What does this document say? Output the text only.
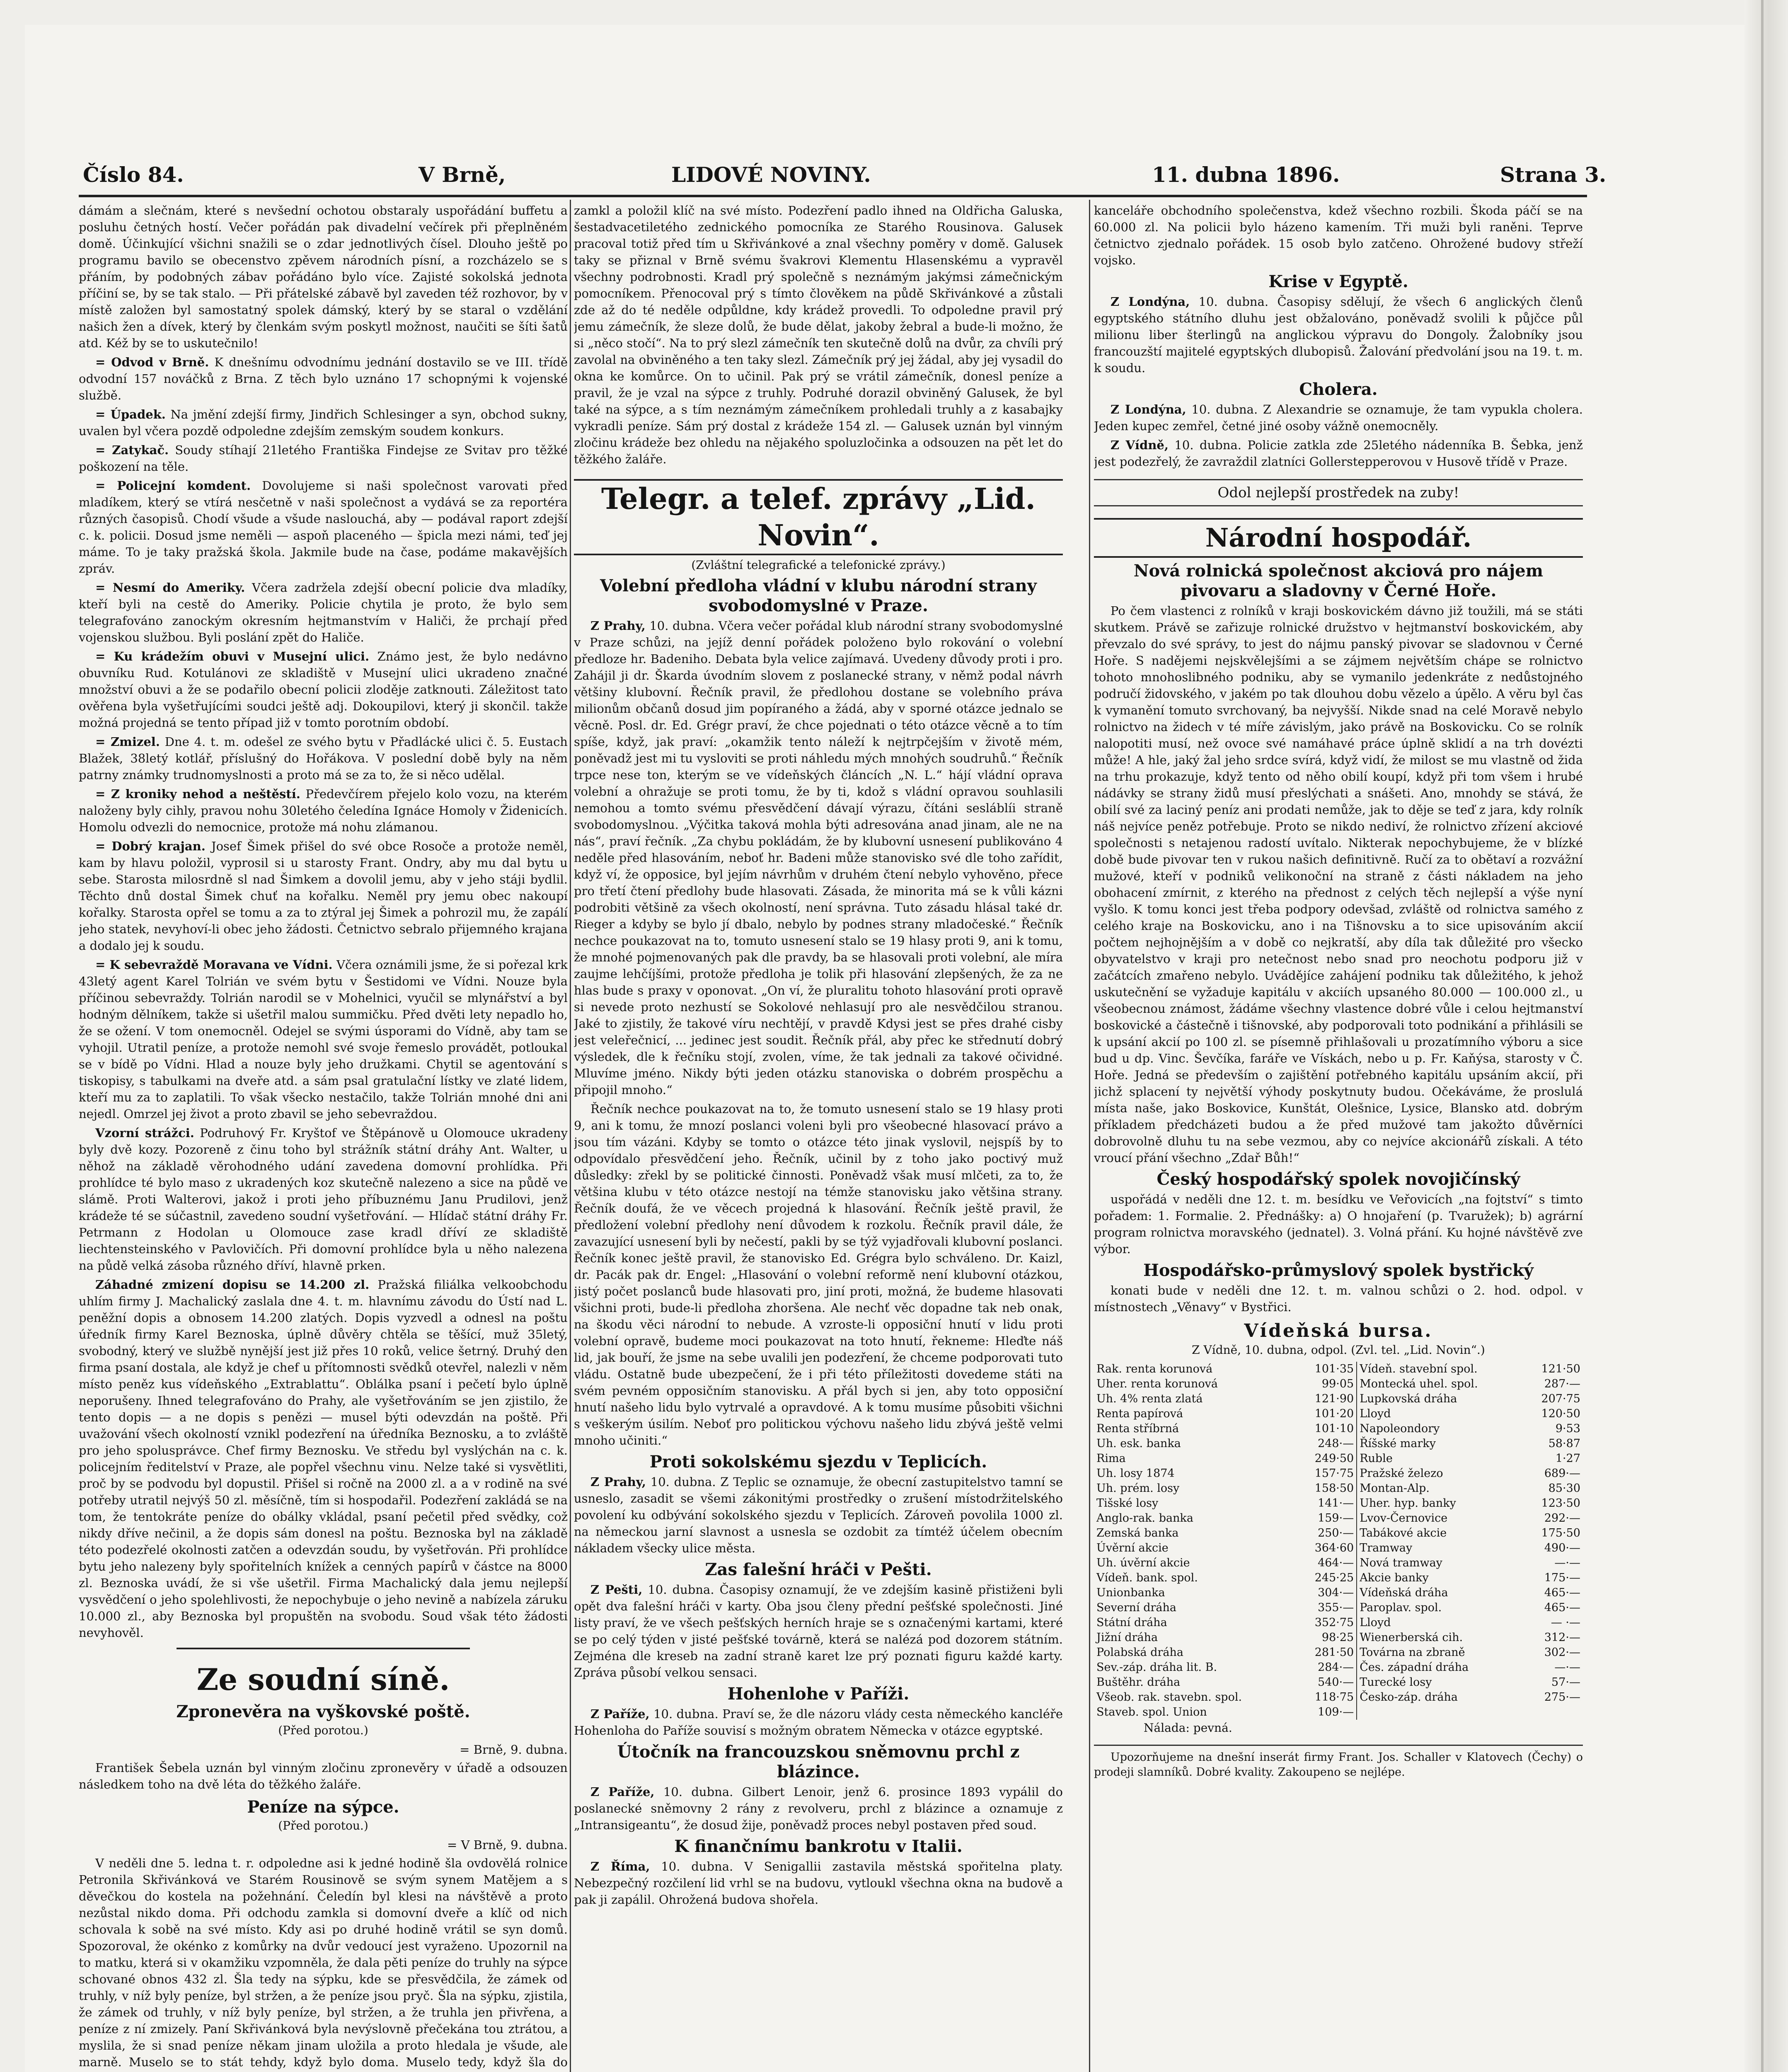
Číslo 84.	V Brně,	LIDOVÉ NOVINY.	11. dubna 1896.	Strana 3.

dámám a slečnám, které s nevšední ochotou obstaraly uspořádání buffetu a posluhu četných hostí. Večer pořádán pak divadelní večírek při přeplněném domě. Účinkující všichni snažili se o zdar jednotlivých čísel. Dlouho ještě po programu bavilo se obecenstvo zpěvem národních písní, a rozcházelo se s přáním, by podobných zábav pořádáno bylo více. Zajisté sokolská jednota příčiní se, by se tak stalo. — Při přátelské zábavě byl zaveden též rozhovor, by v místě založen byl samostatný spolek dámský, který by se staral o vzdělání našich žen a dívek, který by členkám svým poskytl možnost, naučiti se šíti šatů atd. Kéž by se to uskutečnilo!

= Odvod v Brně. K dnešnímu odvodnímu jednání dostavilo se ve III. třídě odvodní 157 nováčků z Brna. Z těch bylo uznáno 17 schopnými k vojenské službě.

= Úpadek. Na jmění zdejší firmy, Jindřich Schlesinger a syn, obchod sukny, uvalen byl včera pozdě odpoledne zdejším zemským soudem konkurs.

= Zatykač. Soudy stíhají 21letého Františka Findejse ze Svitav pro těžké poškození na těle.

= Policejní komdent. Dovolujeme si naši společnost varovati před mladíkem, který se vtírá nesčetně v naši společnost a vydává se za reportéra různých časopisů. Chodí všude a všude naslouchá, aby — podával raport zdejší c. k. policii. Dosud jsme neměli — aspoň placeného — špicla mezi námi, teď jej máme. To je taky pražská škola. Jakmile bude na čase, podáme makavějších zpráv.

= Nesmí do Ameriky. Včera zadržela zdejší obecní policie dva mladíky, kteří byli na cestě do Ameriky. Policie chytila je proto, že bylo sem telegrafováno zanockým okresním hejtmanstvím v Haliči, že prchají před vojenskou službou. Byli poslání zpět do Haliče.

= Ku krádežím obuvi v Musejní ulici. Známo jest, že bylo nedávno obuvníku Rud. Kotulánovi ze skladiště v Musejní ulici ukradeno značné množství obuvi a že se podařilo obecní policii zloděje zatknouti. Záležitost tato ověřena byla vyšetřujícími soudci ještě adj. Dokoupilovi, který ji skončil. takže možná projedná se tento případ již v tomto porotním období.

= Zmizel. Dne 4. t. m. odešel ze svého bytu v Přadlácké ulici č. 5. Eustach Blažek, 38letý kotlář, příslušný do Hořákova. V poslední době byly na něm patrny známky trudnomyslnosti a proto má se za to, že si něco udělal.

= Z kroniky nehod a neštěstí. Předevčírem přejelo kolo vozu, na kterém naloženy byly cihly, pravou nohu 30letého čeledína Ignáce Homoly v Židenicích. Homolu odvezli do nemocnice, protože má nohu zlámanou.

= Dobrý krajan. Josef Šimek přišel do své obce Rosoče a protože neměl, kam by hlavu položil, vyprosil si u starosty Frant. Ondry, aby mu dal bytu u sebe. Starosta milosrdně sl nad Šimkem a dovolil jemu, aby v jeho stáji bydlil. Těchto dnů dostal Šimek chuť na kořalku. Neměl pry jemu obec nakoupí kořalky. Starosta opřel se tomu a za to ztýral jej Šimek a pohrozil mu, že zapálí jeho statek, nevyhoví-li obec jeho žádosti. Četnictvo sebralo přijemného krajana a dodalo jej k soudu.

= K sebevraždě Moravana ve Vídni. Včera oznámili jsme, že si pořezal krk 43letý agent Karel Tolrián ve svém bytu v Šestidomi ve Vídni. Nouze byla příčinou sebevraždy. Tolrián narodil se v Mohelnici, vyučil se mlynářství a byl hodným dělníkem, takže si ušetřil malou summičku. Před dvěti lety nepadlo ho, že se ožení. V tom onemocněl. Odejel se svými úsporami do Vídně, aby tam se vyhojil. Utratil peníze, a protože nemohl své svoje řemeslo provádět, potloukal se v bídě po Vídni. Hlad a nouze byly jeho družkami. Chytil se agentování s tiskopisy, s tabulkami na dveře atd. a sám psal gratulační lístky ve zlaté lidem, kteří mu za to zaplatili. To však všecko nestačilo, takže Tolrián mnohé dni ani nejedl. Omrzel jej život a proto zbavil se jeho sebevraždou.

Vzorní strážci. Podruhový Fr. Kryštof ve Štěpánově u Olomouce ukradeny byly dvě kozy. Pozoreně z činu toho byl strážník státní dráhy Ant. Walter, u něhož na základě věrohodného udání zavedena domovní prohlídka. Při prohlídce té bylo maso z ukradených koz skutečně nalezeno a sice na půdě ve slámě. Proti Walterovi, jakož i proti jeho příbuznému Janu Prudilovi, jenž krádeže té se súčastnil, zavedeno soudní vyšetřování. — Hlídač státní dráhy Fr. Petrmann z Hodolan u Olomouce zase kradl dříví ze skladiště liechtensteinského v Pavlovičích. Při domovní prohlídce byla u něho nalezena na půdě velká zásoba různého dříví, hlavně prken.

Záhadné zmizení dopisu se 14.200 zl. Pražská filiálka velkoobchodu uhlím firmy J. Machalický zaslala dne 4. t. m. hlavnímu závodu do Ústí nad L. peněžní dopis a obnosem 14.200 zlatých. Dopis vyzvedl a odnesl na poštu úředník firmy Karel Beznoska, úplně důvěry chtěla se těšící, muž 35letý, svobodný, který ve službě nynější jest již přes 10 roků, velice šetrný. Druhý den firma psaní dostala, ale když je chef u přítomnosti svědků otevřel, nalezli v něm místo peněz kus vídeňského „Extrablattu“. Oblálka psaní i pečetí bylo úplně neporušeny. Ihned telegrafováno do Prahy, ale vyšetřováním se jen zjistilo, že tento dopis — a ne dopis s penězi — musel býti odevzdán na poště. Při uvažování všech okolností vznikl podezření na úředníka Beznosku, a to zvláště pro jeho spolusprávce. Chef firmy Beznosku. Ve středu byl vyslýchán na c. k. policejním ředitelství v Praze, ale popřel všechnu vinu. Nelze také si vysvětliti, proč by se podvodu byl dopustil. Přišel si ročně na 2000 zl. a a v rodině na své potřeby utratil nejvýš 50 zl. měsíčně, tím si hospodařil. Podezření zakládá se na tom, že tentokráte peníze do obálky vkládal, psaní pečetil před svědky, což nikdy dříve nečinil, a že dopis sám donesl na poštu. Beznoska byl na základě této podezřelé okolnosti zatčen a odevzdán soudu, by vyšetřován. Při prohlídce bytu jeho nalezeny byly spořitelních knížek a cenných papírů v částce na 8000 zl. Beznoska uvádí, že si vše ušetřil. Firma Machalický dala jemu nejlepší vysvědčení o jeho spolehlivosti, že nepochybuje o jeho nevině a nabízela záruku 10.000 zl., aby Beznoska byl propuštěn na svobodu. Soud však této žádosti nevyhověl.

Ze soudní síně.
Zpronevěra na vyškovské poště.
(Před porotou.)
= Brně, 9. dubna.

František Šebela uznán byl vinným zločinu zpronevěry v úřadě a odsouzen následkem toho na dvě léta do těžkého žaláře.

Peníze na sýpce.
(Před porotou.)
= V Brně, 9. dubna.

V neděli dne 5. ledna t. r. odpoledne asi k jedné hodině šla ovdovělá rolnice Petronila Skřivánková ve Starém Rousinově se svým synem Matějem a s děvečkou do kostela na požehnání. Čeledín byl klesi na návštěvě a proto nezůstal nikdo doma. Při odchodu zamkla si domovní dveře a klíč od nich schovala k sobě na své místo. Kdy asi po druhé hodině vrátil se syn domů. Spozoroval, že okénko z komůrky na dvůr vedoucí jest vyraženo. Upozornil na to matku, která si v okamžiku vzpomněla, že dala pěti peníze do truhly na sýpce schované obnos 432 zl. Šla tedy na sýpku, kde se přesvědčila, že zámek od truhly, v níž byly peníze, byl stržen, a že peníze jsou pryč. Šla na sýpku, zjistila, že zámek od truhly, v níž byly peníze, byl stržen, a že truhla jen přivřena, a peníze z ní zmizely. Paní Skřivánková byla nevýslovně přečekána tou ztrátou, a myslila, že si snad peníze někam jinam uložila a proto hledala je všude, ale marně. Muselo se to stát tehdy, když bylo doma. Muselo tedy, když šla do

zamkl a položil klíč na své místo. Podezření padlo ihned na Oldřicha Galuska, šestadvacetiletého zednického pomocníka ze Starého Rousinova. Galusek pracoval totiž před tím u Skřivánkové a znal všechny poměry v domě. Galusek taky se přiznal v Brně svému švakrovi Klementu Hlasenskému a vypravěl všechny podrobnosti. Kradl prý společně s neznámým jakýmsi zámečnickým pomocníkem. Přenocoval prý s tímto člověkem na půdě Skřivánkové a zůstali zde až do té neděle odpůldne, kdy krádež provedli. To odpoledne pravil prý jemu zámečník, že sleze dolů, že bude dělat, jakoby žebral a bude-li možno, že si „něco stočí“. Na to prý slezl zámečník ten skutečně dolů na dvůr, za chvíli prý zavolal na obviněného a ten taky slezl. Zámečník prý jej žádal, aby jej vysadil do okna ke komůrce. On to učinil. Pak prý se vrátil zámečník, donesl peníze a pravil, že je vzal na sýpce z truhly. Podruhé dorazil obviněný Galusek, že byl také na sýpce, a s tím neznámým zámečníkem prohledali truhly a z kasabajky vykradli peníze. Sám prý dostal z krádeže 154 zl. — Galusek uznán byl vinným zločinu krádeže bez ohledu na nějakého spoluzločinka a odsouzen na pět let do těžkého žaláře.

Telegr. a telef. zprávy „Lid. Novin“.
(Zvláštní telegrafické a telefonické zprávy.)
Volební předloha vládní v klubu národní strany svobodomyslné v Praze.

Z Prahy, 10. dubna. Včera večer pořádal klub národní strany svobodomyslné v Praze schůzi, na jejíž denní pořádek položeno bylo rokování o volební předloze hr. Badeniho. Debata byla velice zajímavá. Uvedeny důvody proti i pro. Zahájil ji dr. Škarda úvodním slovem z poslanecké strany, v němž podal návrh většiny klubovní. Řečník pravil, že předlohou dostane se volebního práva milionům občanů dosud jim popíraného a žádá, aby v sporné otázce jednalo se věcně. Posl. dr. Ed. Grégr praví, že chce pojednati o této otázce věcně a to tím spíše, když, jak praví: „okamžik tento náleží k nejtrpčejším v životě mém, poněvadž jest mi tu vysloviti se proti náhledu mých mnohých soudruhů.“ Řečník trpce nese ton, kterým se ve vídeňských článcích „N. L.“ hájí vládní oprava volební a ohražuje se proti tomu, že by ti, kdož s vládní opravou souhlasili nemohou a tomto svému přesvědčení dávají výrazu, čítáni sesláblíi straně svobodomyslnou. „Výčitka taková mohla býti adresována anad jinam, ale ne na nás“, praví řečník. „Za chybu pokládám, že by klubovní usnesení publikováno 4 neděle před hlasováním, neboť hr. Badeni může stanovisko své dle toho zařídit, když ví, že opposice, byl jejím návrhům v druhém čtení nebylo vyhověno, přece pro třetí čtení předlohy bude hlasovati. Zásada, že minorita má se k vůli kázni podrobiti většině za všech okolností, není správna. Tuto zásadu hlásal také dr. Rieger a kdyby se bylo jí dbalo, nebylo by podnes strany mladočeské.“ Řečník nechce poukazovat na to, tomuto usnesení stalo se 19 hlasy proti 9, ani k tomu, že mnohé pojmenovaných pak dle pravdy, ba se hlasovali proti volební, ale míra zaujme lehčíjšími, protože předloha je tolik při hlasování zlepšených, že za ne hlas bude s praxy v oponovat. „On ví, že pluralitu tohoto hlasování proti opravě si nevede proto nezhustí se Sokolové nehlasují pro ale nesvědčilou stranou. Jaké to zjistily, že takové víru nechtějí, v pravdě Kdysi jest se přes drahé cisby jest veleřečnicí, ... jedinec jest soudit. Řečník přál, aby přec ke střednutí dobrý výsledek, dle k řečníku stojí, zvolen, víme, že tak jednali za takové očividné. Mluvíme jméno. Nikdy býti jeden otázku stanoviska o dobrém prospěchu a připojil mnoho.“

Řečník nechce poukazovat na to, že tomuto usnesení stalo se 19 hlasy proti 9, ani k tomu, že mnozí poslanci voleni byli pro všeobecné hlasovací právo a jsou tím vázáni. Kdyby se tomto o otázce této jinak vyslovil, nejspíš by to odpovídalo přesvědčení jeho. Řečník, učinil by z toho jako poctivý muž důsledky: zřekl by se politické činnosti. Poněvadž však musí mlčeti, za to, že většina klubu v této otázce nestojí na témže stanovisku jako většina strany. Řečník doufá, že ve věcech projedná k hlasování. Řečník ještě pravil, že předložení volební předlohy není důvodem k rozkolu. Řečník pravil dále, že zavazující usnesení byli by nečestí, pakli by se týž vyjadřovali klubovní poslanci. Řečník konec ještě pravil, že stanovisko Ed. Grégra bylo schváleno. Dr. Kaizl, dr. Pacák pak dr. Engel: „Hlasování o volební reformě není klubovní otázkou, jistý počet poslanců bude hlasovati pro, jiní proti, možná, že budeme hlasovati všichni proti, bude-li předloha zhoršena. Ale nechť věc dopadne tak neb onak, na škodu věci národní to nebude. A vzroste-li opposiční hnutí v lidu proti volební opravě, budeme moci poukazovat na toto hnutí, řekneme: Hleďte náš lid, jak bouří, že jsme na sebe uvalili jen podezření, že chceme podporovati tuto vládu. Ostatně bude ubezpečení, že i při této příležitosti dovedeme státi na svém pevném opposičním stanovisku. A přál bych si jen, aby toto opposiční hnutí našeho lidu bylo vytrvalé a opravdové. A k tomu musíme působiti všichni s veškerým úsilím. Neboť pro politickou výchovu našeho lidu zbývá ještě velmi mnoho učiniti.“

Proti sokolskému sjezdu v Teplicích.

Z Prahy, 10. dubna. Z Teplic se oznamuje, že obecní zastupitelstvo tamní se usneslo, zasadit se všemi zákonitými prostředky o zrušení místodržitelského povolení ku odbývání sokolského sjezdu v Teplicích. Zároveň povolila 1000 zl. na německou jarní slavnost a usnesla se ozdobit za tímtéž účelem obecním nákladem všecky ulice města.

Zas falešní hráči v Pešti.

Z Pešti, 10. dubna. Časopisy oznamují, že ve zdejším kasině přistiženi byli opět dva falešní hráči v karty. Oba jsou členy přední pešťské společnosti. Jiné listy praví, že ve všech pešťských herních hraje se s označenými kartami, které se po celý týden v jisté pešťské továrně, která se nalézá pod dozorem státním. Zejména dle kreseb na zadní straně karet lze prý poznati figuru každé karty. Zpráva působí velkou sensaci.

Hohenlohe v Paříži.

Z Paříže, 10. dubna. Praví se, že dle názoru vlády cesta německého kancléře Hohenloha do Paříže souvisí s možným obratem Německa v otázce egyptské.

Útočník na francouzskou sněmovnu prchl z blázince.

Z Paříže, 10. dubna. Gilbert Lenoir, jenž 6. prosince 1893 vypálil do poslanecké sněmovny 2 rány z revolveru, prchl z blázince a oznamuje z „Intransigeantu“, že dosud žije, poněvadž proces nebyl postaven před soud.

K finančnímu bankrotu v Italii.

Z Říma, 10. dubna. V Senigallii zastavila městská spořitelna platy. Nebezpečný rozčilení lid vrhl se na budovu, vytloukl všechna okna na budově a pak ji zapálil. Ohrožená budova shořela.

kanceláře obchodního společenstva, kdež všechno rozbili. Škoda páčí se na 60.000 zl. Na policii bylo házeno kamením. Tři muži byli raněni. Teprve četnictvo zjednalo pořádek. 15 osob bylo zatčeno. Ohrožené budovy střeží vojsko.

Krise v Egyptě.

Z Londýna, 10. dubna. Časopisy sdělují, že všech 6 anglických členů egyptského státního dluhu jest obžalováno, poněvadž svolili k půjčce půl milionu liber šterlingů na anglickou výpravu do Dongoly. Žalobníky jsou francouzští majitelé egyptských dlubopisů. Žalování předvolání jsou na 19. t. m. k soudu.

Cholera.

Z Londýna, 10. dubna. Z Alexandrie se oznamuje, že tam vypukla cholera. Jeden kupec zemřel, četné jiné osoby vážně onemocněly.

Z Vídně, 10. dubna. Policie zatkla zde 25letého nádenníka B. Šebka, jenž jest podezřelý, že zavraždil zlatníci Gollerstepperovou v Husově třídě v Praze.

Odol nejlepší prostředek na zuby!
Národní hospodář.
Nová rolnická společnost akciová pro nájem pivovaru a sladovny v Černé Hoře.

Po čem vlastenci z rolníků v kraji boskovickém dávno již toužili, má se státi skutkem. Právě se zařizuje rolnické družstvo v hejtmanství boskovickém, aby převzalo do své správy, to jest do nájmu panský pivovar se sladovnou v Černé Hoře. S nadějemi nejskvělejšími a se zájmem největším chápe se rolnictvo tohoto mnohoslibného podniku, aby se vymanilo jedenkráte z nedůstojného područí židovského, v jakém po tak dlouhou dobu vězelo a úpělo. A věru byl čas k vymanění tomuto svrchovaný, ba nejvyšší. Nikde snad na celé Moravě nebylo rolnictvo na židech v té míře závislým, jako právě na Boskovicku. Co se rolník nalopotiti musí, než ovoce své namáhavé práce úplně sklidí a na trh dovézti může! A hle, jaký žal jeho srdce svírá, když vidí, že milost se mu vlastně od žida na trhu prokazuje, když tento od něho obilí koupí, když při tom všem i hrubé nádávky se strany židů musí přeslýchati a snášeti. Ano, mnohdy se stává, že obilí své za laciný peníz ani prodati nemůže, jak to děje se teď z jara, kdy rolník náš nejvíce peněz potřebuje. Proto se nikdo nediví, že rolnictvo zřízení akciové společnosti s netajenou radostí uvítalo. Nikterak nepochybujeme, že v blízké době bude pivovar ten v rukou našich definitivně. Ručí za to obětaví a rozvážní mužové, kteří v podniků velikonoční na straně z části nákladem na jeho obohacení zmírnit, z kterého na přednost z celých těch nejlepší a výše nyní vyšlo. K tomu konci jest třeba podpory odevšad, zvláště od rolnictva samého z celého kraje na Boskovicku, ano i na Tišnovsku a to sice upisováním akcií počtem nejhojnějším a v době co nejkratší, aby díla tak důležité pro všecko obyvatelstvo v kraji pro netečnost nebo snad pro neochotu podporu již v začátcích zmařeno nebylo. Uvádějíce zahájení podniku tak důležitého, k jehož uskutečnění se vyžaduje kapitálu v akciích upsaného 80.000 — 100.000 zl., u všeobecnou známost, žádáme všechny vlastence dobré vůle i celou hejtmanství boskovické a částečně i tišnovské, aby podporovali toto podnikání a přihlásili se k upsání akcií po 100 zl. se písemně přihlašovali u prozatímního výboru a sice bud u dp. Vinc. Ševčíka, faráře ve Vískách, nebo u p. Fr. Kaňýsa, starosty v Č. Hoře. Jedná se především o zajištění potřebného kapitálu upsáním akcií, při jichž splacení ty největší výhody poskytnuty budou. Očekáváme, že proslulá místa naše, jako Boskovice, Kunštát, Olešnice, Lysice, Blansko atd. dobrým příkladem předcházeti budou a že před mužové tam jakožto důvěrníci dobrovolně dluhu tu na sebe vezmou, aby co nejvíce akcionářů získali. A této vroucí přání všechno „Zdař Bůh!“

Český hospodářský spolek novojičínský

uspořádá v neděli dne 12. t. m. besídku ve Veřovicích „na fojtství“ s timto pořadem: 1. Formalie. 2. Přednášky: a) O hnojaření (p. Tvaružek); b) agrární program rolnictva moravského (jednatel). 3. Volná přání. Ku hojné návštěvě zve výbor.

Hospodářsko-průmyslový spolek bystřický

konati bude v neděli dne 12. t. m. valnou schůzi o 2. hod. odpol. v místnostech „Věnavy“ v Bystřici.

Vídeňská bursa.
Z Vídně, 10. dubna, odpol. (Zvl. tel. „Lid. Novin“.)
Rak. renta korunová	101·35	Vídeň. stavební spol.	121·50
Uher. renta korunová	99·05	Montecká uhel. spol.	287·—
Uh. 4% renta zlatá	121·90	Lupkovská dráha	207·75
Renta papírová	101·20	Lloyd	120·50
Renta stříbrná	101·10	Napoleondory	9·53
Uh. esk. banka	248·—	Říšské marky	58·87
Rima	249·50	Ruble	1·27
Uh. losy 1874	157·75	Pražské železo	689·—
Uh. prém. losy	158·50	Montan-Alp.	85·30
Tišské losy	141·—	Uher. hyp. banky	123·50
Anglo-rak. banka	159·—	Lvov-Černovice	292·—
Zemská banka	250·—	Tabákové akcie	175·50
Úvěrní akcie	364·60	Tramway	490·—
Uh. úvěrní akcie	464·—	Nová tramway	—·—
Vídeň. bank. spol.	245·25	Akcie banky	175·—
Unionbanka	304·—	Vídeňská dráha	465·—
Severní dráha	355·—	Paroplav. spol.	465·—
Státní dráha	352·75	Lloyd	— ·—
Jižní dráha	98·25	Wienerberská cih.	312·—
Polabská dráha	281·50	Továrna na zbraně	302·—
Sev.-záp. dráha lit. B.	284·—	Čes. západní dráha	—·—
Buštěhr. dráha	540·—	Turecké losy	57·—
Všeob. rak. stavebn. spol.	118·75	Česko-záp. dráha	275·—
Staveb. spol. Union	109·—		
Nálada: pevná.

Upozorňujeme na dnešní inserát firmy Frant. Jos. Schaller v Klatovech (Čechy) o prodeji slamníků. Dobré kvality. Zakoupeno se nejlépe.
